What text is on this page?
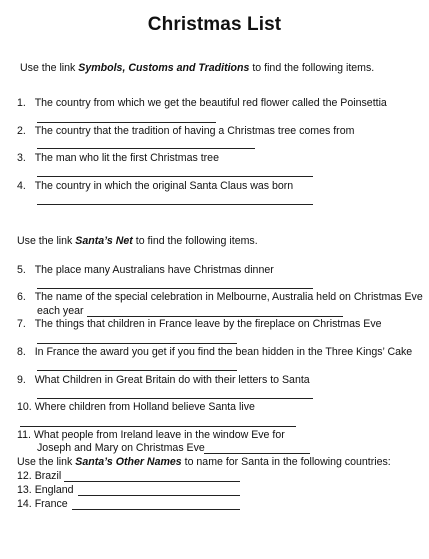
Christmas List
Use the link Symbols, Customs and Traditions to find the following items.
1. The country from which we get the beautiful red flower called the Poinsettia
2. The country that the tradition of having a Christmas tree comes from
3. The man who lit the first Christmas tree
4. The country in which the original Santa Claus was born
Use the link Santa’s Net to find the following items.
5. The place many Australians have Christmas dinner
6. The name of the special celebration in Melbourne, Australia held on Christmas Eve
each year
7. The things that children in France leave by the fireplace on Christmas Eve
8. In France the award you get if you find the bean hidden in the Three Kings’ Cake
9. What Children in Great Britain do with their letters to Santa
10. Where children from Holland believe Santa live
11. What people from Ireland leave in the window Eve for
Joseph and Mary on Christmas Eve
Use the link Santa’s Other Names to name for Santa in the following countries:
12. Brazil
13. England
14. France
